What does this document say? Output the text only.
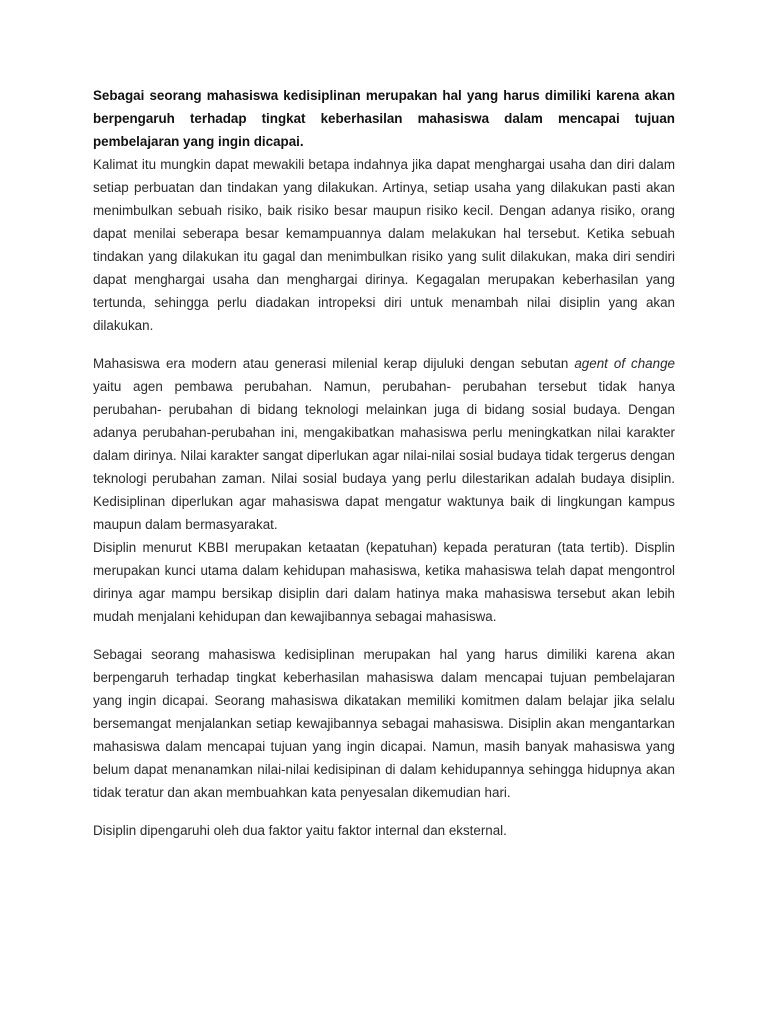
Sebagai seorang mahasiswa kedisiplinan merupakan hal yang harus dimiliki karena akan berpengaruh terhadap tingkat keberhasilan mahasiswa dalam mencapai tujuan pembelajaran yang ingin dicapai.

Kalimat itu mungkin dapat mewakili betapa indahnya jika dapat menghargai usaha dan diri dalam setiap perbuatan dan tindakan yang dilakukan. Artinya, setiap usaha yang dilakukan pasti akan menimbulkan sebuah risiko, baik risiko besar maupun risiko kecil. Dengan adanya risiko, orang dapat menilai seberapa besar kemampuannya dalam melakukan hal tersebut. Ketika sebuah tindakan yang dilakukan itu gagal dan menimbulkan risiko yang sulit dilakukan, maka diri sendiri dapat menghargai usaha dan menghargai dirinya. Kegagalan merupakan keberhasilan yang tertunda, sehingga perlu diadakan intropeksi diri untuk menambah nilai disiplin yang akan dilakukan.

Mahasiswa era modern atau generasi milenial kerap dijuluki dengan sebutan agent of change yaitu agen pembawa perubahan. Namun, perubahan- perubahan tersebut tidak hanya perubahan- perubahan di bidang teknologi melainkan juga di bidang sosial budaya. Dengan adanya perubahan-perubahan ini, mengakibatkan mahasiswa perlu meningkatkan nilai karakter dalam dirinya. Nilai karakter sangat diperlukan agar nilai-nilai sosial budaya tidak tergerus dengan teknologi perubahan zaman. Nilai sosial budaya yang perlu dilestarikan adalah budaya disiplin. Kedisiplinan diperlukan agar mahasiswa dapat mengatur waktunya baik di lingkungan kampus maupun dalam bermasyarakat.

Disiplin menurut KBBI merupakan ketaatan (kepatuhan) kepada peraturan (tata tertib). Displin merupakan kunci utama dalam kehidupan mahasiswa, ketika mahasiswa telah dapat mengontrol dirinya agar mampu bersikap disiplin dari dalam hatinya maka mahasiswa tersebut akan lebih mudah menjalani kehidupan dan kewajibannya sebagai mahasiswa.

Sebagai seorang mahasiswa kedisiplinan merupakan hal yang harus dimiliki karena akan berpengaruh terhadap tingkat keberhasilan mahasiswa dalam mencapai tujuan pembelajaran yang ingin dicapai. Seorang mahasiswa dikatakan memiliki komitmen dalam belajar jika selalu bersemangat menjalankan setiap kewajibannya sebagai mahasiswa. Disiplin akan mengantarkan mahasiswa dalam mencapai tujuan yang ingin dicapai. Namun, masih banyak mahasiswa yang belum dapat menanamkan nilai-nilai kedisipinan di dalam kehidupannya sehingga hidupnya akan tidak teratur dan akan membuahkan kata penyesalan dikemudian hari.

Disiplin dipengaruhi oleh dua faktor yaitu faktor internal dan eksternal.
